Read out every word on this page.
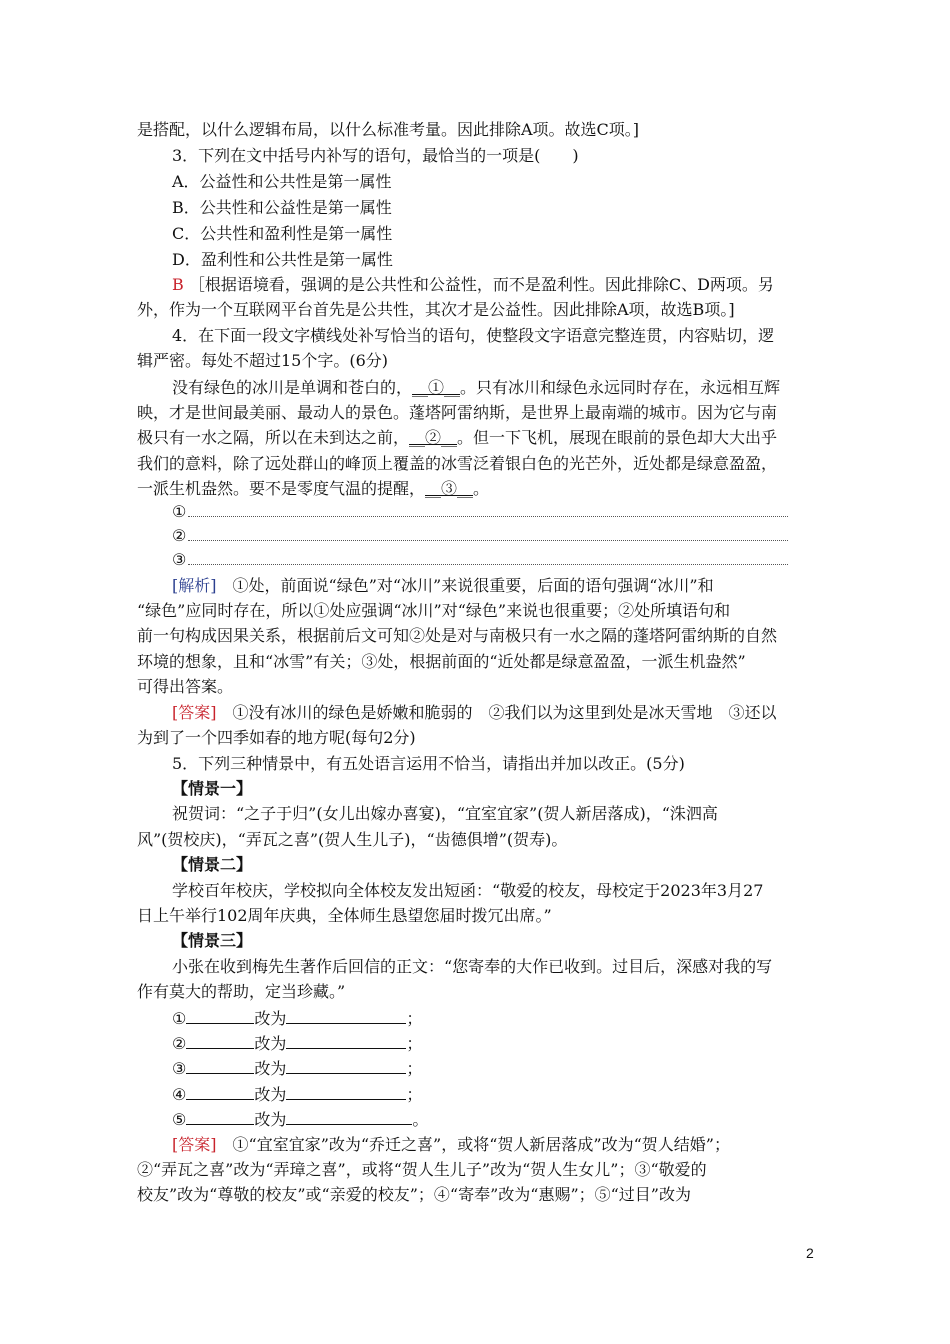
是搭配，以什么逻辑布局，以什么标准考量。因此排除A项。故选C项。]
3．下列在文中括号内补写的语句，最恰当的一项是(　　)
A．公益性和公共性是第一属性
B．公共性和公益性是第一属性
C．公共性和盈利性是第一属性
D．盈利性和公共性是第一属性
B ［根据语境看，强调的是公共性和公益性，而不是盈利性。因此排除C、D两项。另
外，作为一个互联网平台首先是公共性，其次才是公益性。因此排除A项，故选B项。]
4．在下面一段文字横线处补写恰当的语句，使整段文字语意完整连贯，内容贴切，逻
辑严密。每处不超过15个字。(6分)
没有绿色的冰川是单调和苍白的，__①__。只有冰川和绿色永远同时存在，永远相互辉
映，才是世间最美丽、最动人的景色。蓬塔阿雷纳斯，是世界上最南端的城市。因为它与南
极只有一水之隔，所以在未到达之前，__②__。但一下飞机，展现在眼前的景色却大大出乎
我们的意料，除了远处群山的峰顶上覆盖的冰雪泛着银白色的光芒外，近处都是绿意盈盈，
一派生机盎然。要不是零度气温的提醒，__③__。
①
②
③
[解析]　 ①处，前面说“绿色”对“冰川”来说很重要，后面的语句强调“冰川”和
“绿色”应同时存在，所以①处应强调“冰川”对“绿色”来说也很重要；②处所填语句和
前一句构成因果关系，根据前后文可知②处是对与南极只有一水之隔的蓬塔阿雷纳斯的自然
环境的想象，且和“冰雪”有关；③处，根据前面的“近处都是绿意盈盈，一派生机盎然”
可得出答案。
[答案]　 ①没有冰川的绿色是娇嫩和脆弱的　②我们以为这里到处是冰天雪地　③还以
为到了一个四季如春的地方呢(每句2分)
5．下列三种情景中，有五处语言运用不恰当，请指出并加以改正。(5分)
【情景一】
祝贺词：“之子于归”(女儿出嫁办喜宴)，“宜室宜家”(贺人新居落成)，“洙泗高
风”(贺校庆)，“弄瓦之喜”(贺人生儿子)，“齿德俱增”(贺寿)。
【情景二】
学校百年校庆，学校拟向全体校友发出短函：“敬爱的校友，母校定于2023年3月27
日上午举行102周年庆典，全体师生恳望您届时拨冗出席。”
【情景三】
小张在收到梅先生著作后回信的正文：“您寄奉的大作已收到。过目后，深感对我的写
作有莫大的帮助，定当珍藏。”
①	改为	；
②	改为	；
③	改为	；
④	改为	；
⑤	改为	。
[答案]　 ①“宜室宜家”改为“乔迁之喜”，或将“贺人新居落成”改为“贺人结婚”；
②“弄瓦之喜”改为“弄璋之喜”，或将“贺人生儿子”改为“贺人生女儿”；③“敬爱的
校友”改为“尊敬的校友”或“亲爱的校友”；④“寄奉”改为“惠赐”；⑤“过目”改为
2
